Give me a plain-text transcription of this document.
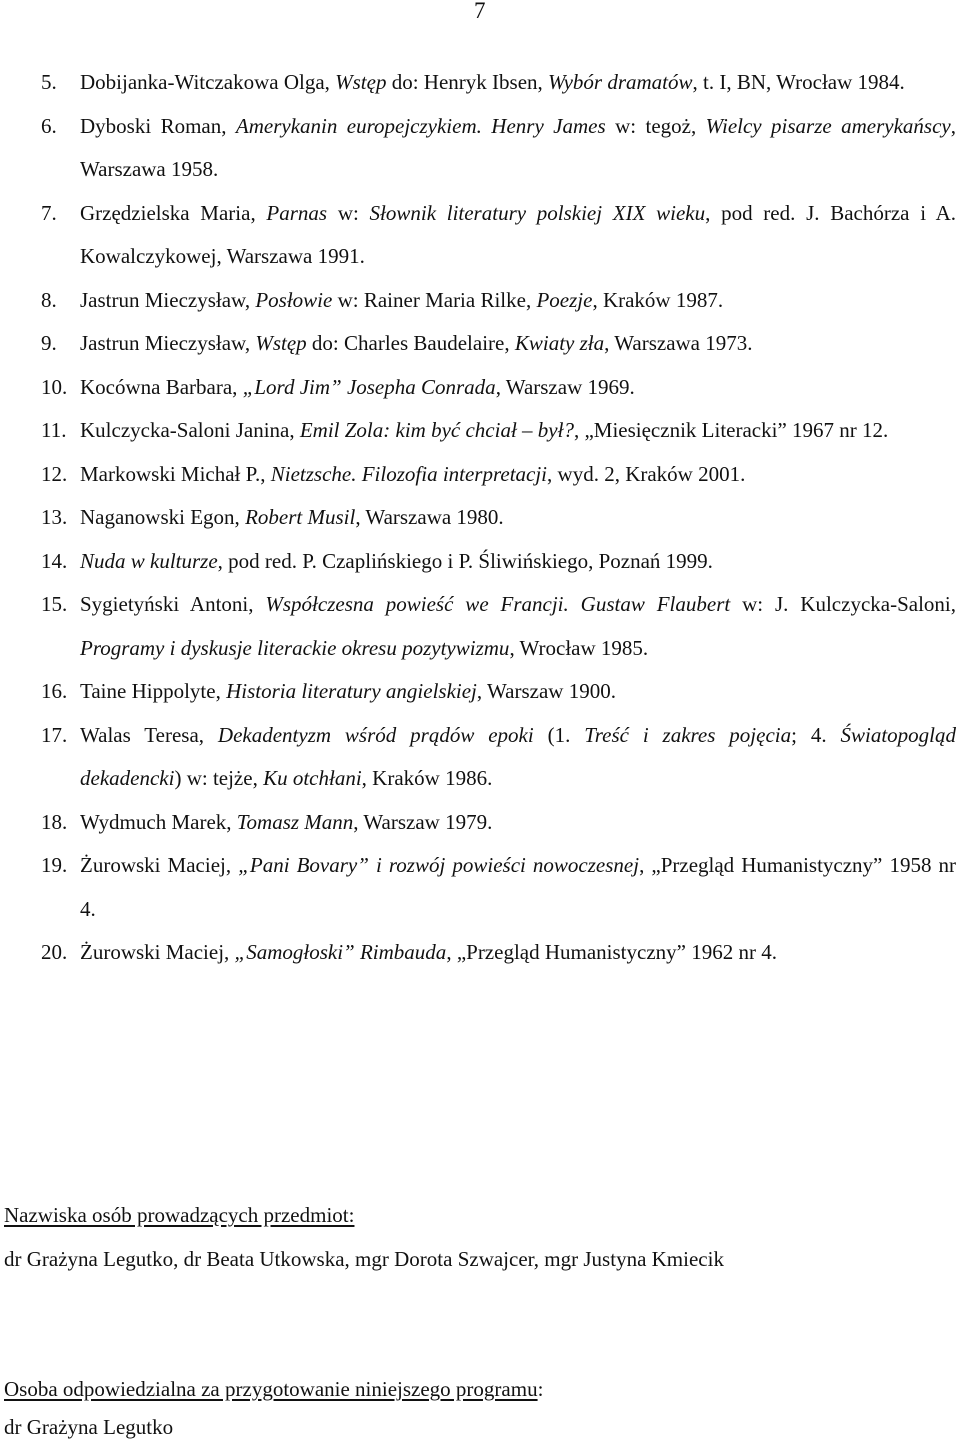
7
5. Dobijanka-Witczakowa Olga, Wstęp do: Henryk Ibsen, Wybór dramatów, t. I, BN, Wrocław 1984.
6. Dyboski Roman, Amerykanin europejczykiem. Henry James w: tegoż, Wielcy pisarze amerykańscy, Warszawa 1958.
7. Grzędzielska Maria, Parnas w: Słownik literatury polskiej XIX wieku, pod red. J. Bachórza i A. Kowalczykowej, Warszawa 1991.
8. Jastrun Mieczysław, Posłowie w: Rainer Maria Rilke, Poezje, Kraków 1987.
9. Jastrun Mieczysław, Wstęp do: Charles Baudelaire, Kwiaty zła, Warszawa 1973.
10. Kocówna Barbara, „Lord Jim” Josepha Conrada, Warszaw 1969.
11. Kulczycka-Saloni Janina, Emil Zola: kim być chciał – był?, „Miesięcznik Literacki” 1967 nr 12.
12. Markowski Michał P., Nietzsche. Filozofia interpretacji, wyd. 2, Kraków 2001.
13. Naganowski Egon, Robert Musil, Warszawa 1980.
14. Nuda w kulturze, pod red. P. Czaplińskiego i P. Śliwińskiego, Poznań 1999.
15. Sygietyński Antoni, Współczesna powieść we Francji. Gustaw Flaubert w: J. Kulczycka-Saloni, Programy i dyskusje literackie okresu pozytywizmu, Wrocław 1985.
16. Taine Hippolyte, Historia literatury angielskiej, Warszaw 1900.
17. Walas Teresa, Dekadentyzm wśród prądów epoki (1. Treść i zakres pojęcia; 4. Światopogląd dekadencki) w: tejże, Ku otchłani, Kraków 1986.
18. Wydmuch Marek, Tomasz Mann, Warszaw 1979.
19. Żurowski Maciej, „Pani Bovary” i rozwój powieści nowoczesnej, „Przegląd Humanistyczny” 1958 nr 4.
20. Żurowski Maciej, „Samogłoski” Rimbauda, „Przegląd Humanistyczny” 1962 nr 4.
Nazwiska osób prowadzących przedmiot:
dr Grażyna Legutko, dr Beata Utkowska, mgr Dorota Szwajcer, mgr Justyna Kmiecik
Osoba odpowiedzialna za przygotowanie niniejszego programu:
dr Grażyna Legutko
